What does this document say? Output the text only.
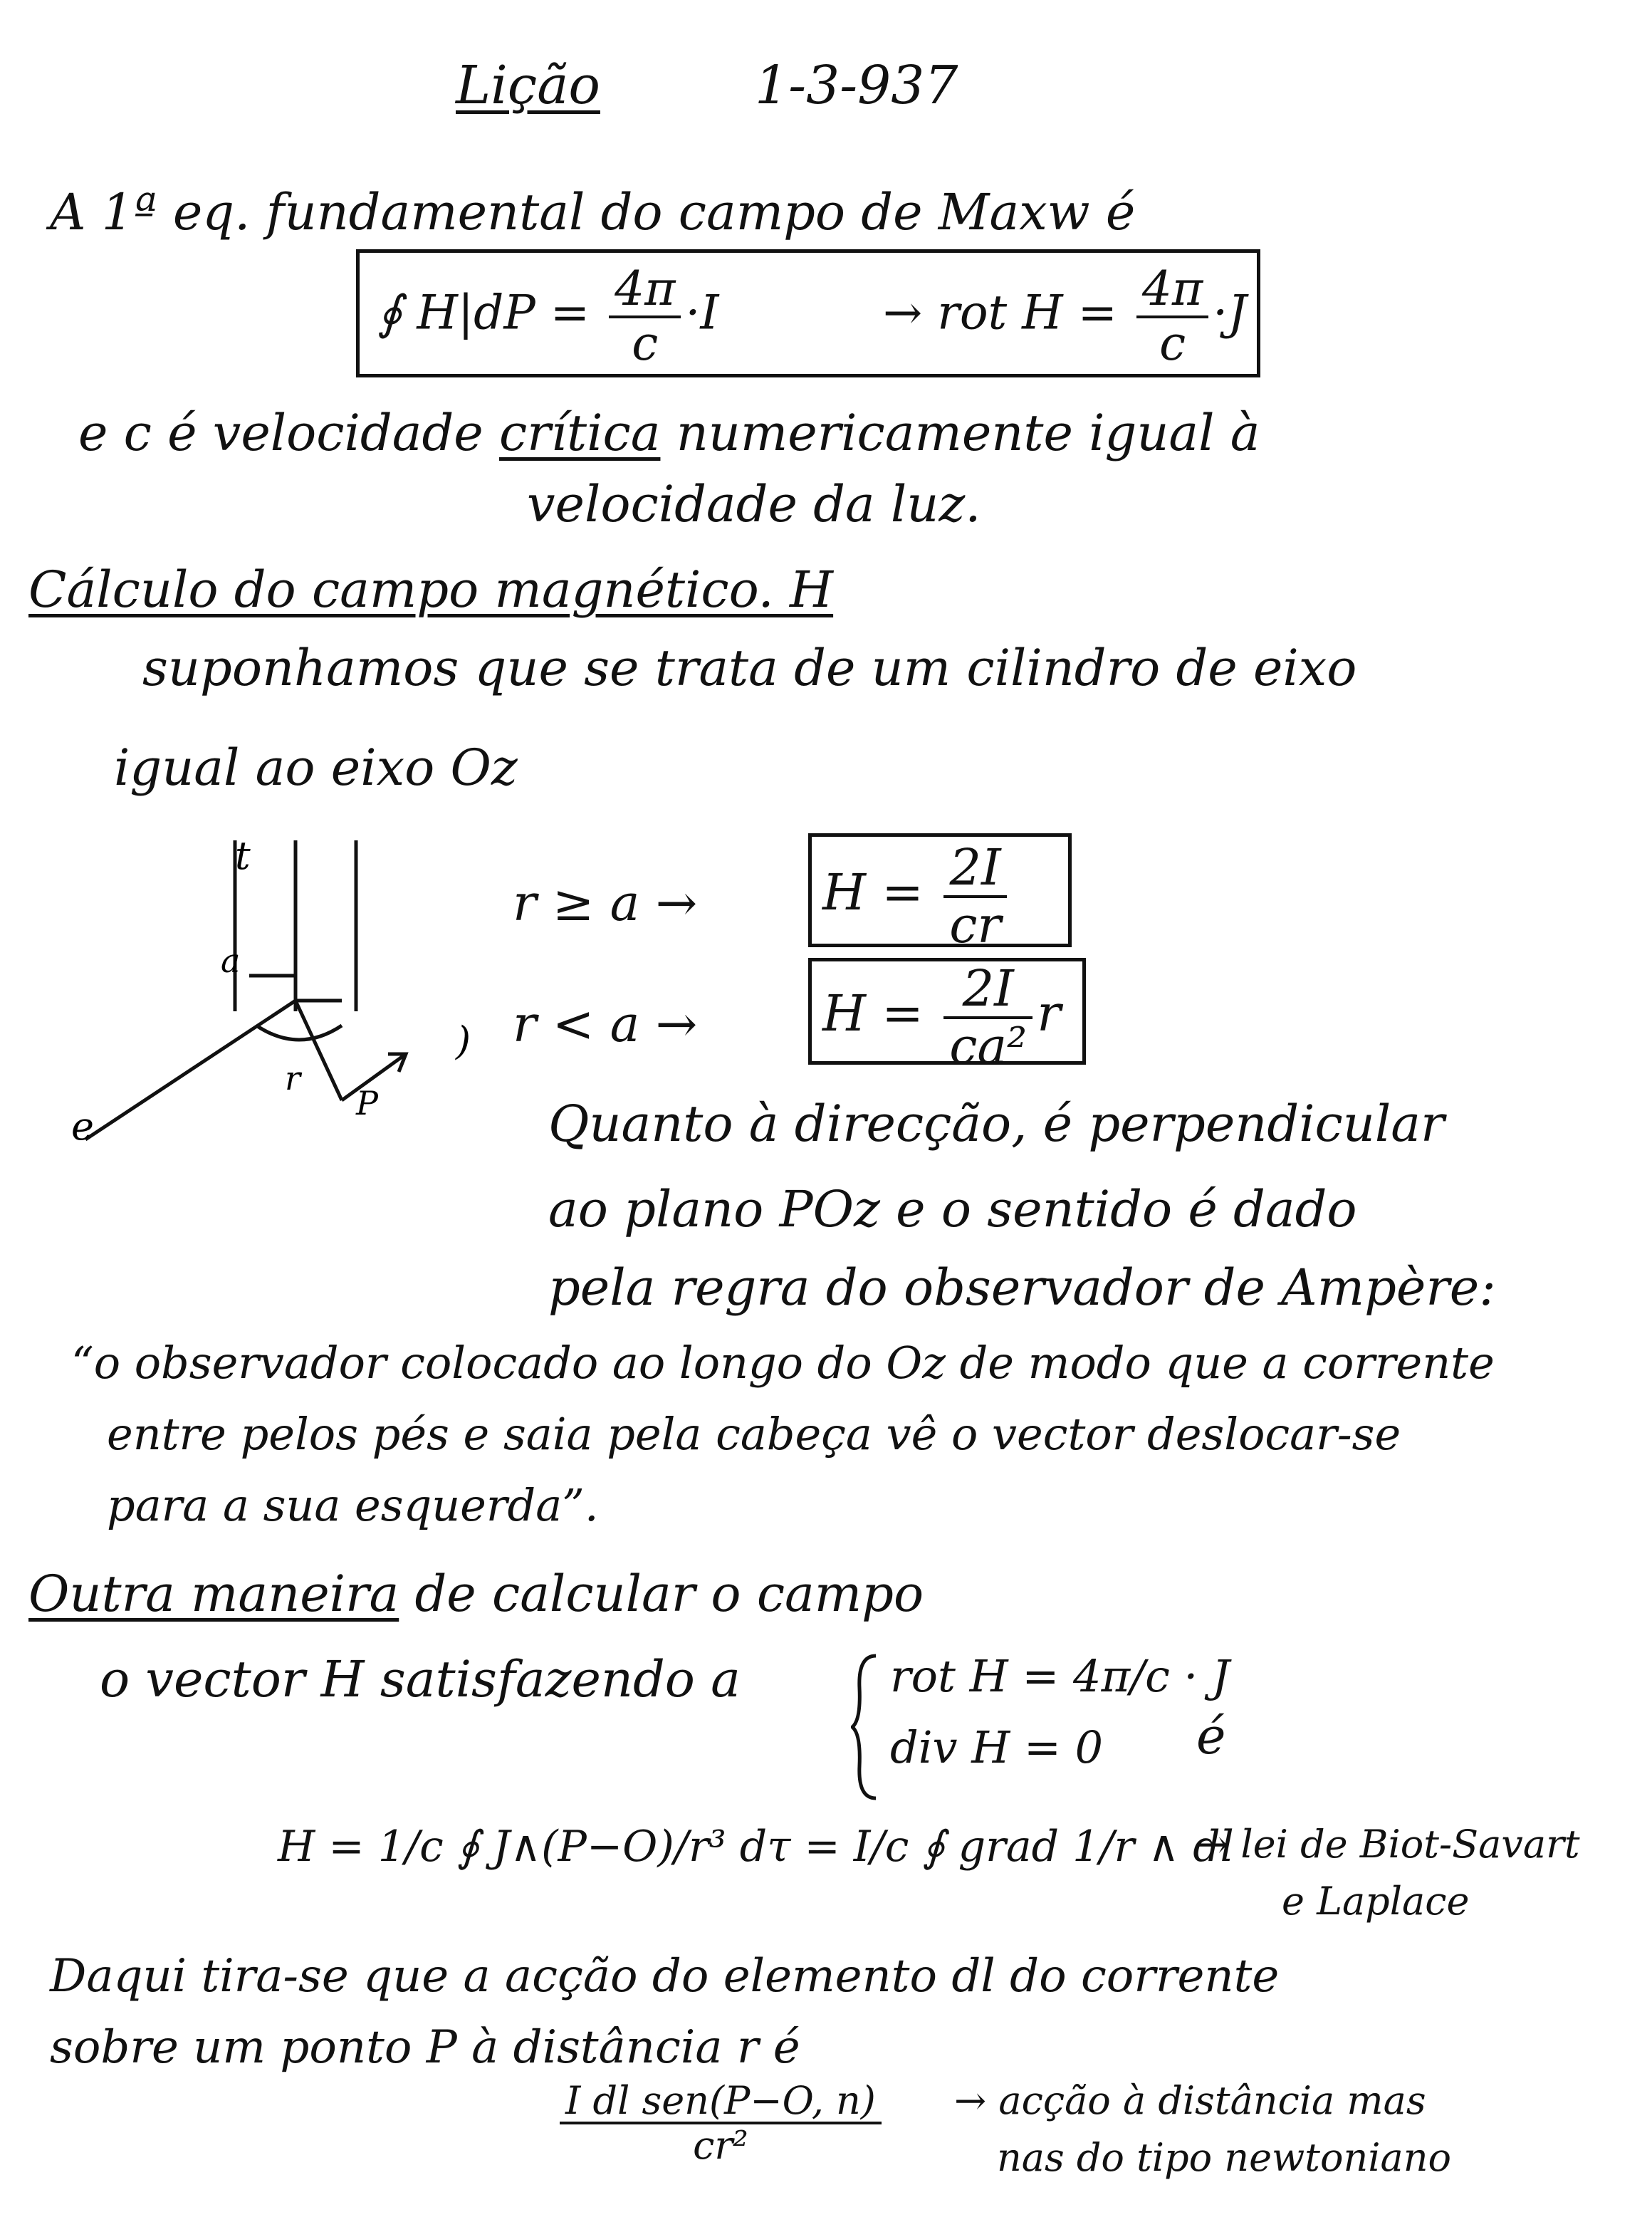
Lição	1-3-937
A 1ª eq. fundamental do campo de Maxw é
∮ $H|dP = \frac{4\pi}{c} \cdot I$	→ rot $H = \frac{4\pi}{c} \cdot J$
e c é velocidade crítica numericamente igual à
velocidade da luz.
Cálculo do campo magnético. H
suponhamos que se trata de um cilindro de eixo
igual ao eixo Oz
t
a
r
P
)
e
r ≥ a →	$H = \frac{2I}{cr}$
r < a →	$H = \frac{2I}{\text{ca²}}$ r
Quanto à direcção, é perpendicular
ao plano POz e o sentido é dado
pela regra do observador de Ampère:
“o observador colocado ao longo do Oz de modo que a corrente
entre pelos pés e saia pela cabeça vê o vector deslocar-se
para a sua esquerda”.
Outra maneira de calcular o campo
o vector H satisfazendo a	rot H = 4π/c · J
div H = 0 é
H = 1/c ∮ J∧(P−O)/r³ dτ = I/c ∮ grad 1/r ∧ dl
→ lei de Biot-Savart
e Laplace
Daqui tira-se que a acção do elemento dl do corrente
sobre um ponto P à distância r é
$\frac{\text{I dl sen(P−O, n)}}{\text{cr²}}$ → acção à distância mas
nas do tipo newtoniano
